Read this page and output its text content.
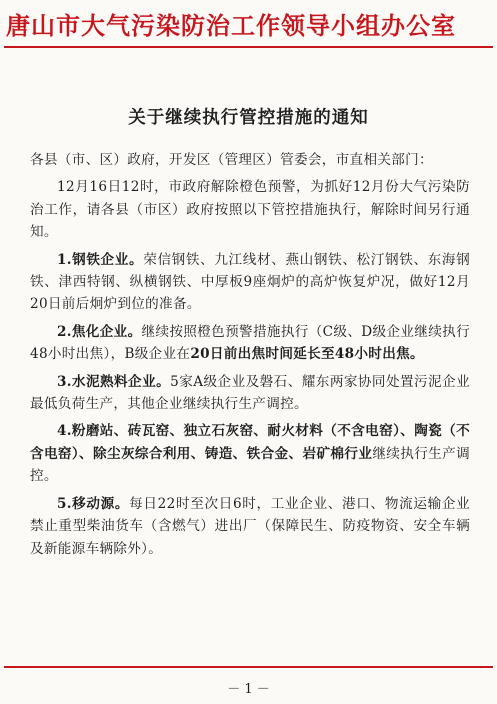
唐山市大气污染防治工作领导小组办公室
关于继续执行管控措施的通知

各县（市、区）政府，开发区（管理区）管委会，市直相关部门：

12月16日12时，市政府解除橙色预警，为抓好12月份大气污染防治工作，请各县（市区）政府按照以下管控措施执行，解除时间另行通知。

1.钢铁企业。荣信钢铁、九江线材、燕山钢铁、松汀钢铁、东海钢铁、津西特钢、纵横钢铁、中厚板9座炯炉的高炉恢复炉况，做好12月20日前后炯炉到位的准备。

2.焦化企业。继续按照橙色预警措施执行（C级、D级企业继续执行48小时出焦），B级企业在20日前出焦时间延长至48小时出焦。

3.水泥熟料企业。5家A级企业及磐石、耀东两家协同处置污泥企业最低负荷生产，其他企业继续执行生产调控。

4.粉磨站、砖瓦窑、独立石灰窑、耐火材料（不含电窑）、陶瓷（不含电窑）、除尘灰综合利用、铸造、铁合金、岩矿棉行业继续执行生产调控。

5.移动源。每日22时至次日6时，工业企业、港口、物流运输企业禁止重型柴油货车（含燃气）进出厂（保障民生、防疫物资、安全车辆及新能源车辆除外）。

－ 1 －
